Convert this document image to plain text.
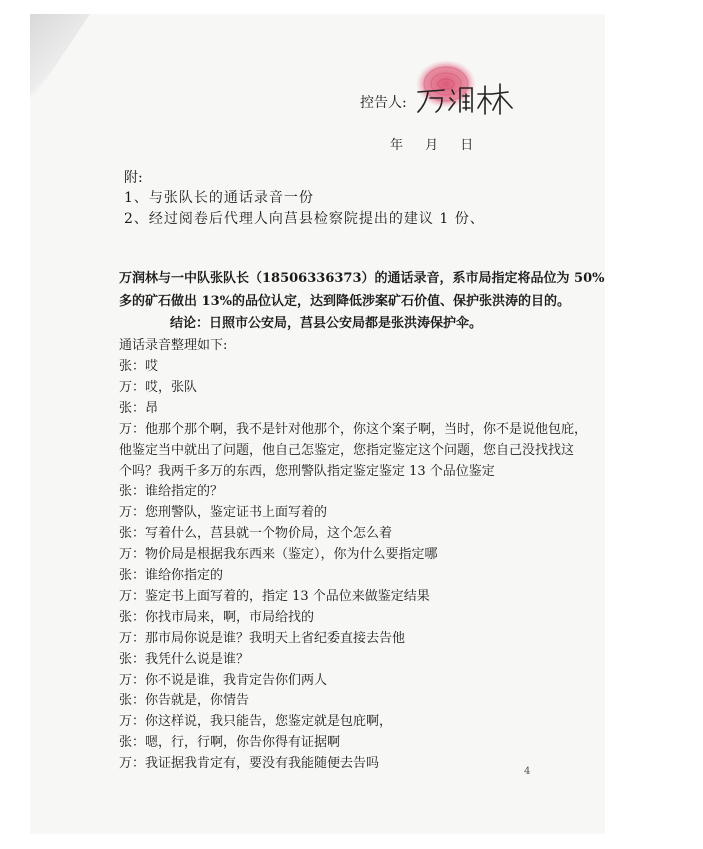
控告人:
年 月 日
附:
1、与张队长的通话录音一份
2、经过阅卷后代理人向莒县检察院提出的建议 1 份、
万润林与一中队张队长（18506336373）的通话录音，系市局指定将品位为 50%
多的矿石做出 13%的品位认定，达到降低涉案矿石价值、保护张洪涛的目的。
结论：日照市公安局，莒县公安局都是张洪涛保护伞。
通话录音整理如下:
张：哎
万：哎，张队
张：昂
万：他那个那个啊，我不是针对他那个，你这个案子啊，当时，你不是说他包庇，
他鉴定当中就出了问题，他自己怎鉴定，您指定鉴定这个问题，您自己没找找这
个吗？我两千多万的东西，您刑警队指定鉴定鉴定 13 个品位鉴定
张：谁给指定的？
万：您刑警队，鉴定证书上面写着的
张：写着什么，莒县就一个物价局，这个怎么着
万：物价局是根据我东西来（鉴定），你为什么要指定哪
张：谁给你指定的
万：鉴定书上面写着的，指定 13 个品位来做鉴定结果
张：你找市局来，啊，市局给找的
万：那市局你说是谁？我明天上省纪委直接去告他
张：我凭什么说是谁？
万：你不说是谁，我肯定告你们两人
张：你告就是，你情告
万：你这样说，我只能告，您鉴定就是包庇啊，
张：嗯，行，行啊，你告你得有证据啊
万：我证据我肯定有，要没有我能随便去告吗
4
